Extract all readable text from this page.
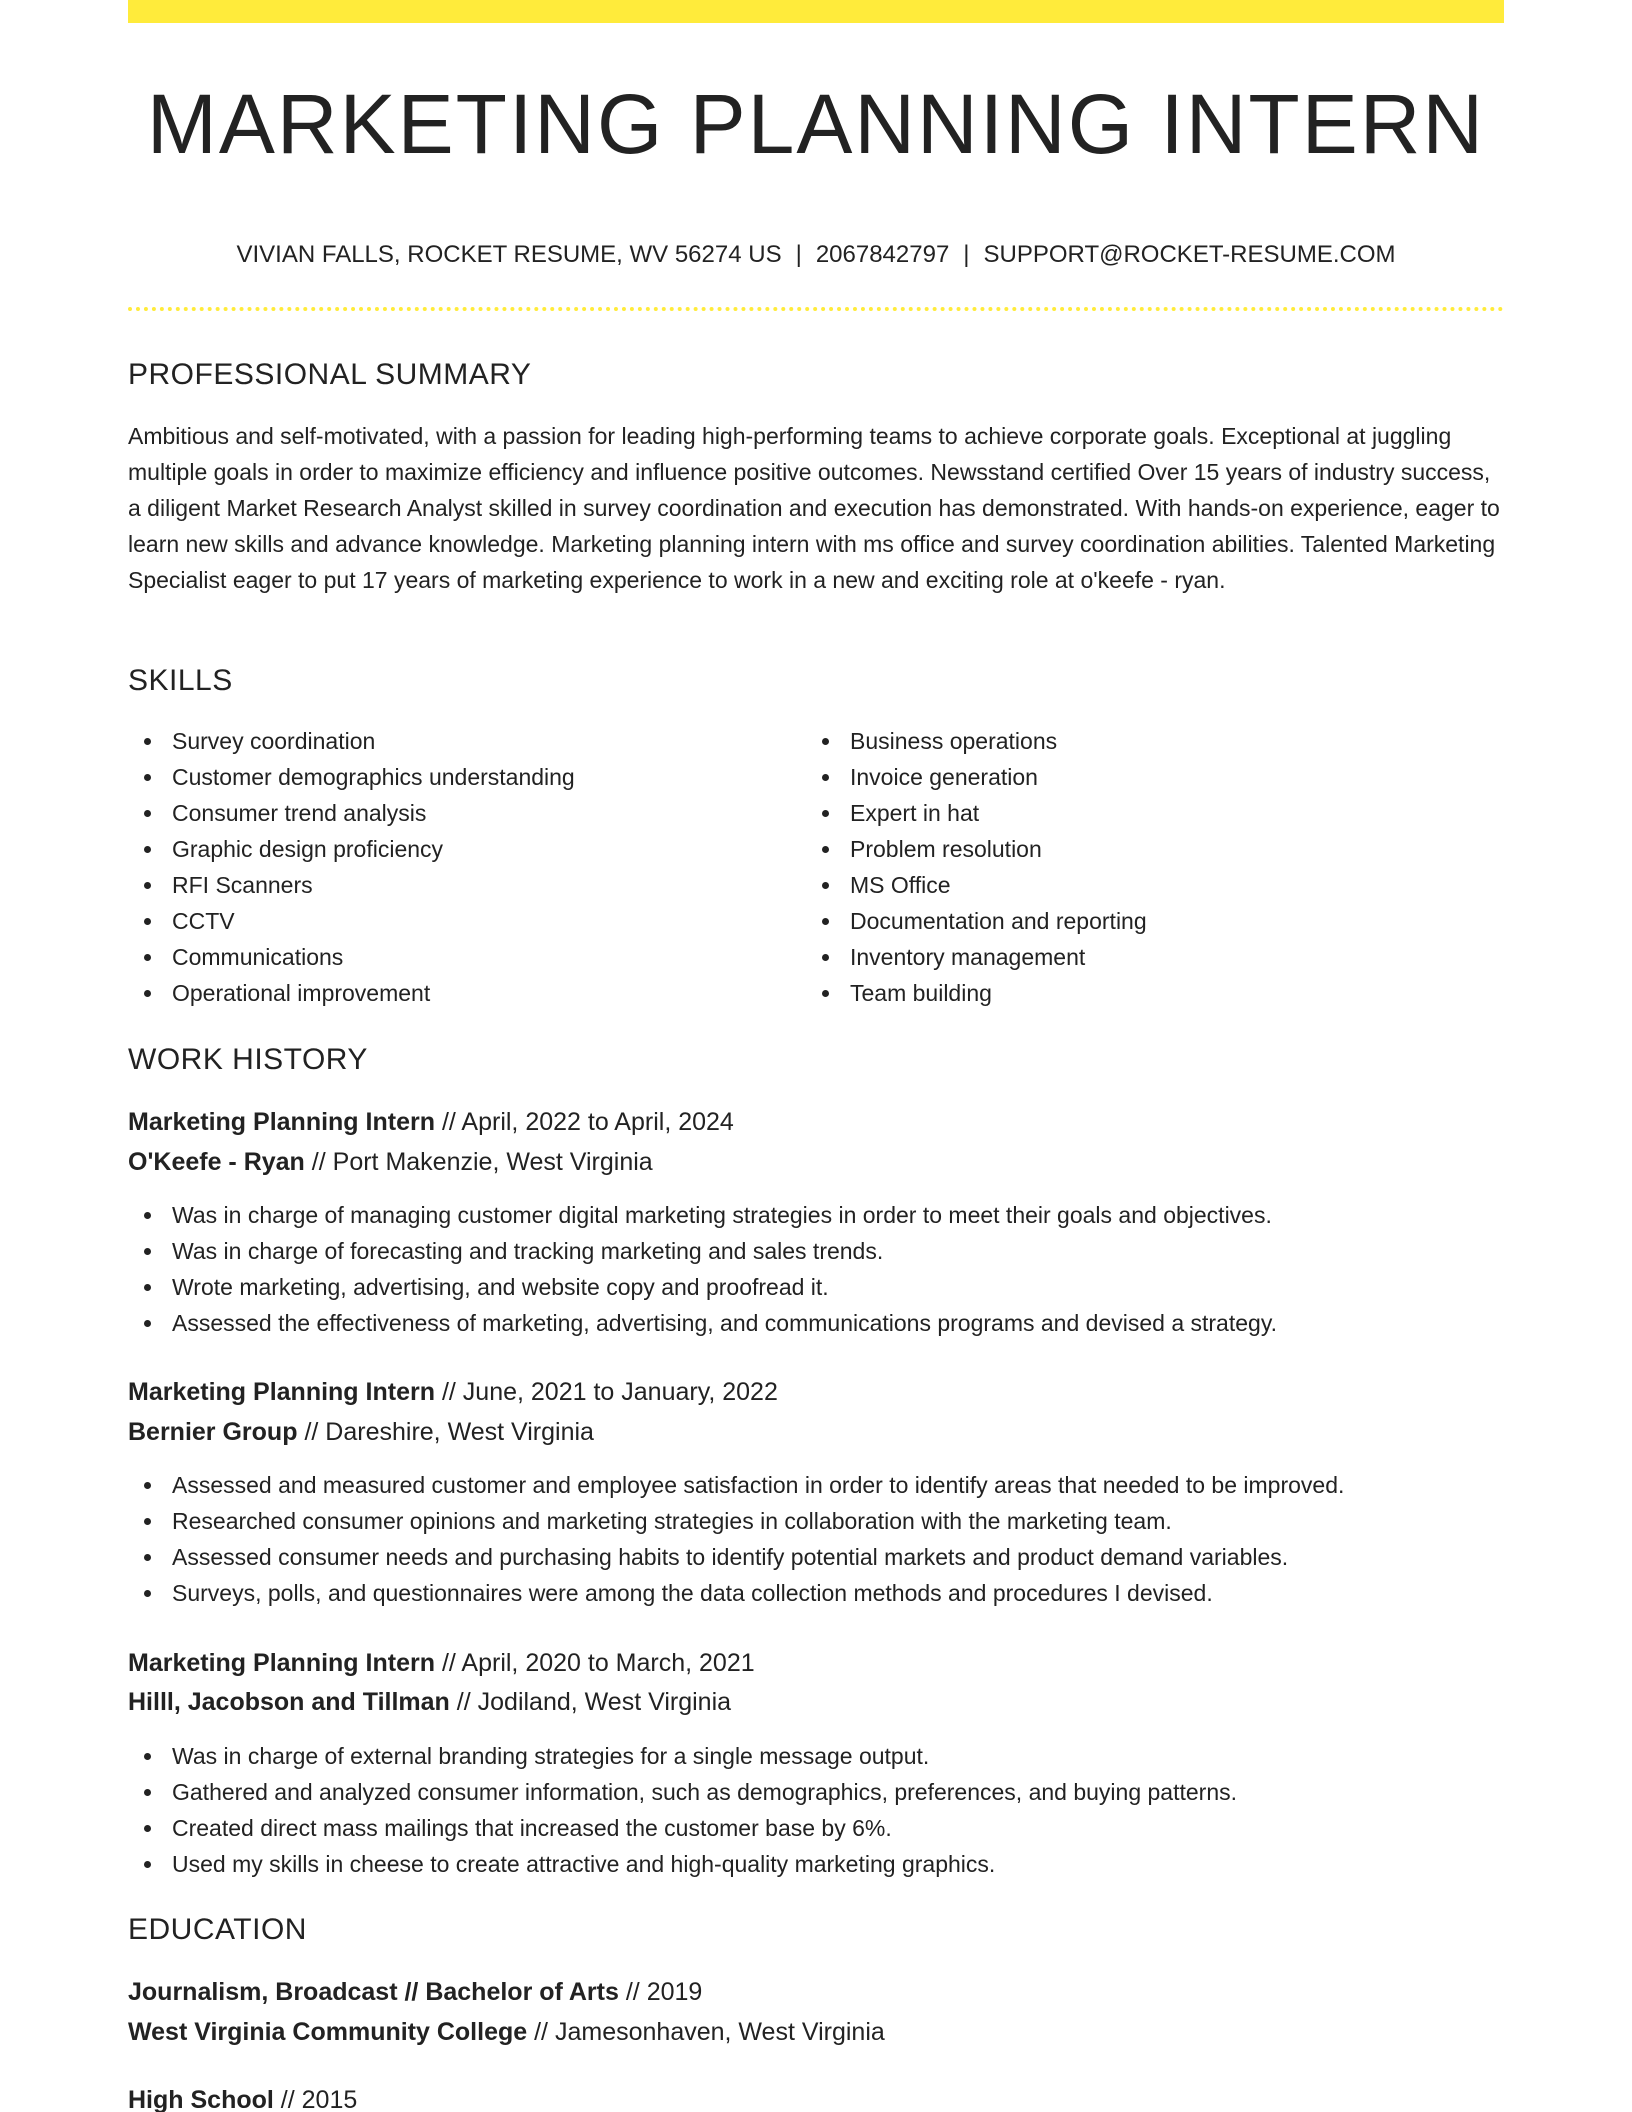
MARKETING PLANNING INTERN
VIVIAN FALLS, ROCKET RESUME, WV 56274 US | 2067842797 | SUPPORT@ROCKET-RESUME.COM
PROFESSIONAL SUMMARY

Ambitious and self-motivated, with a passion for leading high-performing teams to achieve corporate goals. Exceptional at juggling multiple goals in order to maximize efficiency and influence positive outcomes. Newsstand certified Over 15 years of industry success, a diligent Market Research Analyst skilled in survey coordination and execution has demonstrated. With hands-on experience, eager to learn new skills and advance knowledge. Marketing planning intern with ms office and survey coordination abilities. Talented Marketing Specialist eager to put 17 years of marketing experience to work in a new and exciting role at o'keefe - ryan.

SKILLS
Survey coordination
Customer demographics understanding
Consumer trend analysis
Graphic design proficiency
RFI Scanners
CCTV
Communications
Operational improvement
Business operations
Invoice generation
Expert in hat
Problem resolution
MS Office
Documentation and reporting
Inventory management
Team building
WORK HISTORY
Marketing Planning Intern // April, 2022 to April, 2024
O'Keefe - Ryan // Port Makenzie, West Virginia
Was in charge of managing customer digital marketing strategies in order to meet their goals and objectives.
Was in charge of forecasting and tracking marketing and sales trends.
Wrote marketing, advertising, and website copy and proofread it.
Assessed the effectiveness of marketing, advertising, and communications programs and devised a strategy.
Marketing Planning Intern // June, 2021 to January, 2022
Bernier Group // Dareshire, West Virginia
Assessed and measured customer and employee satisfaction in order to identify areas that needed to be improved.
Researched consumer opinions and marketing strategies in collaboration with the marketing team.
Assessed consumer needs and purchasing habits to identify potential markets and product demand variables.
Surveys, polls, and questionnaires were among the data collection methods and procedures I devised.
Marketing Planning Intern // April, 2020 to March, 2021
Hilll, Jacobson and Tillman // Jodiland, West Virginia
Was in charge of external branding strategies for a single message output.
Gathered and analyzed consumer information, such as demographics, preferences, and buying patterns.
Created direct mass mailings that increased the customer base by 6%.
Used my skills in cheese to create attractive and high-quality marketing graphics.
EDUCATION
Journalism, Broadcast // Bachelor of Arts // 2019
West Virginia Community College // Jamesonhaven, West Virginia
High School // 2015
